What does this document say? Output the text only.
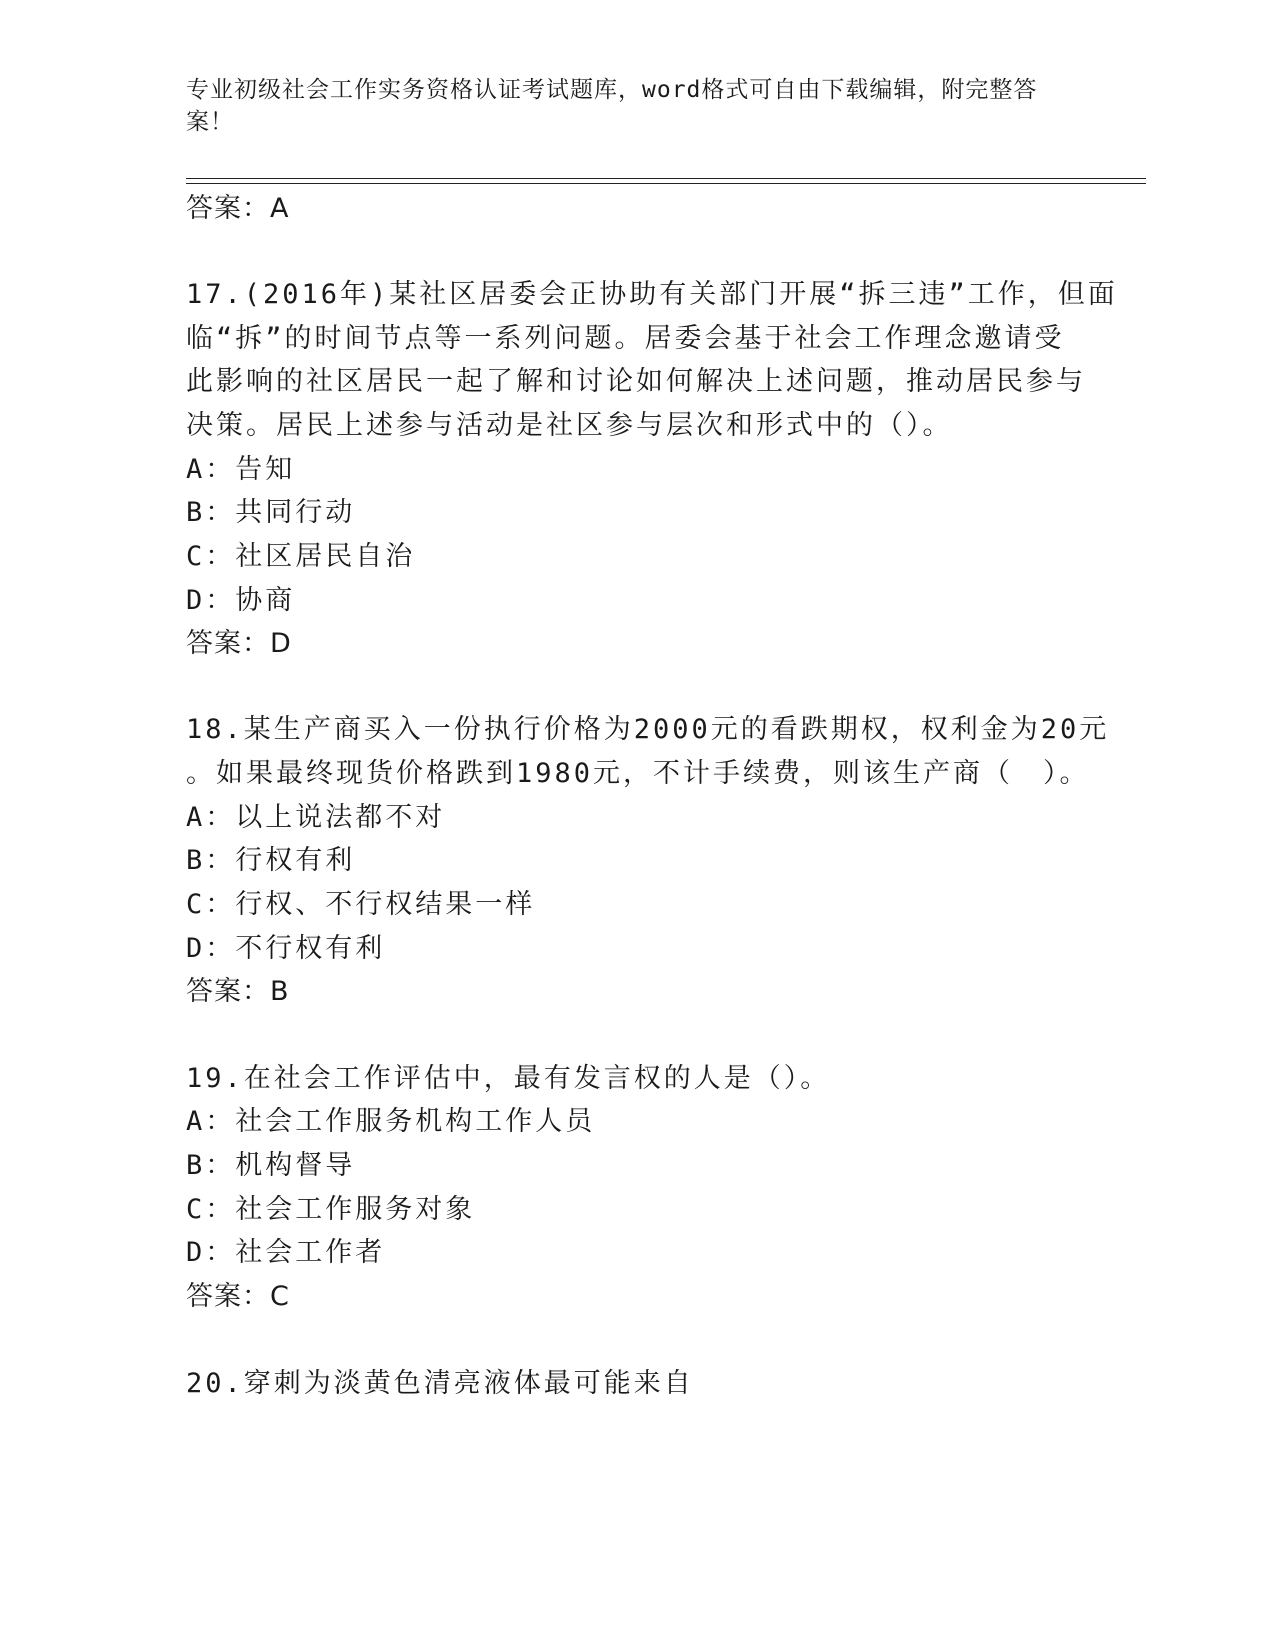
专业初级社会工作实务资格认证考试题库，word格式可自由下载编辑，附完整答
案！
答案：A
17.(2016年)某社区居委会正协助有关部门开展“拆三违”工作，但面
临“拆”的时间节点等一系列问题。居委会基于社会工作理念邀请受
此影响的社区居民一起了解和讨论如何解决上述问题，推动居民参与
决策。居民上述参与活动是社区参与层次和形式中的（）。
A：告知
B：共同行动
C：社区居民自治
D：协商
答案：D
18.某生产商买入一份执行价格为2000元的看跌期权，权利金为20元
。如果最终现货价格跌到1980元，不计手续费，则该生产商（　）。
A：以上说法都不对
B：行权有利
C：行权、不行权结果一样
D：不行权有利
答案：B
19.在社会工作评估中，最有发言权的人是（）。
A：社会工作服务机构工作人员
B：机构督导
C：社会工作服务对象
D：社会工作者
答案：C
20.穿刺为淡黄色清亮液体最可能来自
